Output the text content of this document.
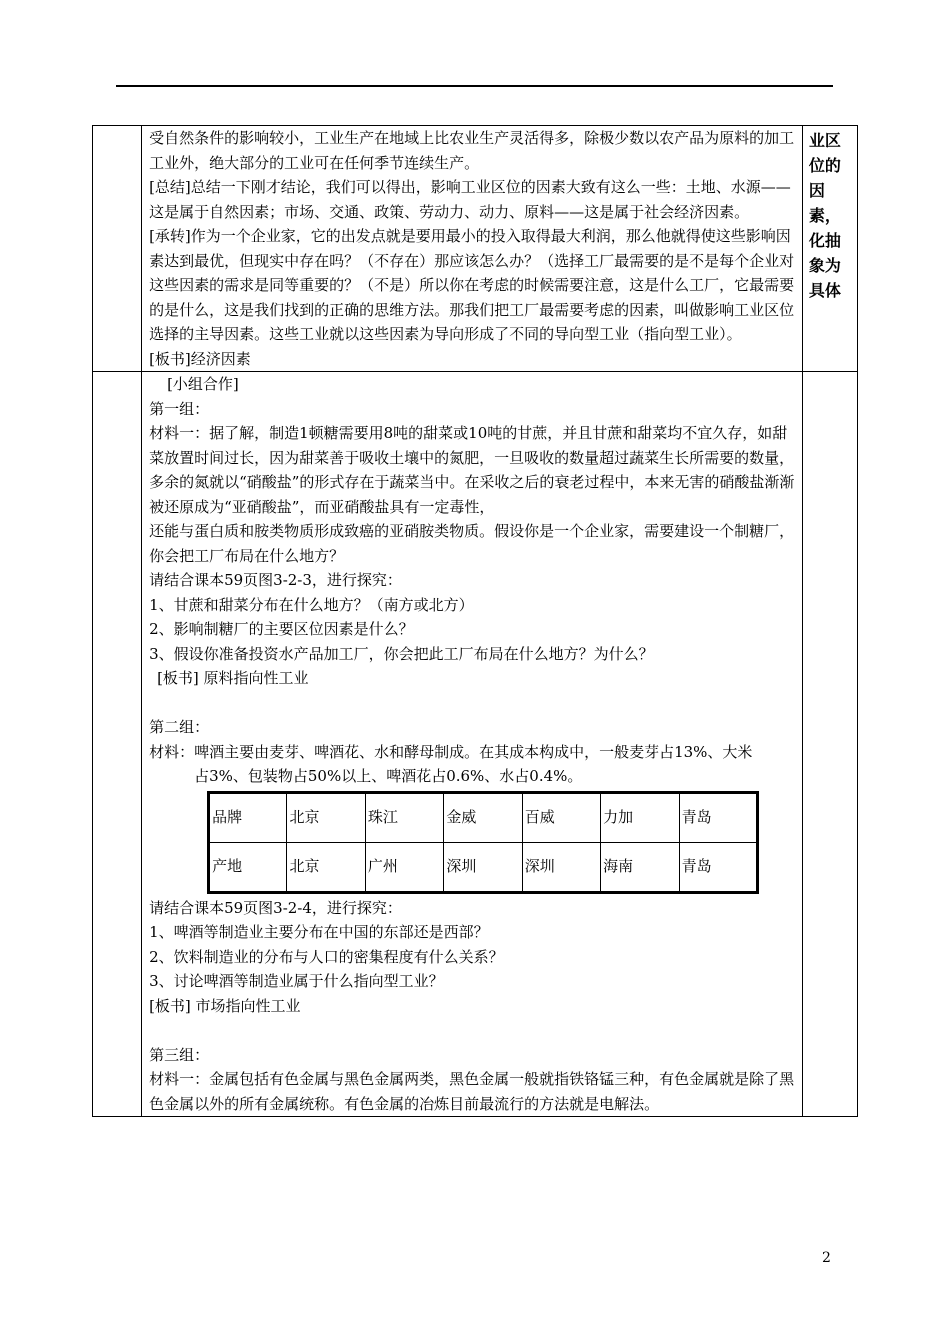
受自然条件的影响较小，工业生产在地域上比农业生产灵活得多，除极少数以农产品为原料的加工工业外，绝大部分的工业可在任何季节连续生产。

[总结]总结一下刚才结论，我们可以得出，影响工业区位的因素大致有这么一些：土地、水源——这是属于自然因素；市场、交通、政策、劳动力、动力、原料——这是属于社会经济因素。

[承转]作为一个企业家，它的出发点就是要用最小的投入取得最大利润，那么他就得使这些影响因素达到最优，但现实中存在吗？（不存在）那应该怎么办？（选择工厂最需要的是不是每个企业对这些因素的需求是同等重要的？（不是）所以你在考虑的时候需要注意，这是什么工厂，它最需要的是什么，这是我们找到的正确的思维方法。那我们把工厂最需要考虑的因素，叫做影响工业区位选择的主导因素。这些工业就以这些因素为导向形成了不同的导向型工业（指向型工业）。

[板书]经济因素

业区位的因素，化抽象为具体

[小组合作]

第一组：

材料一：据了解，制造1顿糖需要用8吨的甜菜或10吨的甘蔗，并且甘蔗和甜菜均不宜久存，如甜菜放置时间过长，因为甜菜善于吸收土壤中的氮肥，一旦吸收的数量超过蔬菜生长所需要的数量，多余的氮就以“硝酸盐”的形式存在于蔬菜当中。在采收之后的衰老过程中，本来无害的硝酸盐渐渐被还原成为“亚硝酸盐”，而亚硝酸盐具有一定毒性，

还能与蛋白质和胺类物质形成致癌的亚硝胺类物质。假设你是一个企业家，需要建设一个制糖厂，你会把工厂布局在什么地方？

请结合课本59页图3-2-3，进行探究：

1、甘蔗和甜菜分布在什么地方？（南方或北方）

2、影响制糖厂的主要区位因素是什么？

3、假设你准备投资水产品加工厂，你会把此工厂布局在什么地方？为什么？

[板书] 原料指向性工业

第二组：

材料：啤酒主要由麦芽、啤酒花、水和酵母制成。在其成本构成中，一般麦芽占13%、大米

占3%、包装物占50%以上、啤酒花占0.6%、水占0.4%。

品牌	北京	珠江	金威	百威	力加	青岛
产地	北京	广州	深圳	深圳	海南	青岛

请结合课本59页图3-2-4，进行探究：

1、啤酒等制造业主要分布在中国的东部还是西部？

2、饮料制造业的分布与人口的密集程度有什么关系？

3、讨论啤酒等制造业属于什么指向型工业？

[板书] 市场指向性工业

第三组：

材料一：金属包括有色金属与黑色金属两类，黑色金属一般就指铁铬锰三种，有色金属就是除了黑色金属以外的所有金属统称。有色金属的冶炼目前最流行的方法就是电解法。

2
